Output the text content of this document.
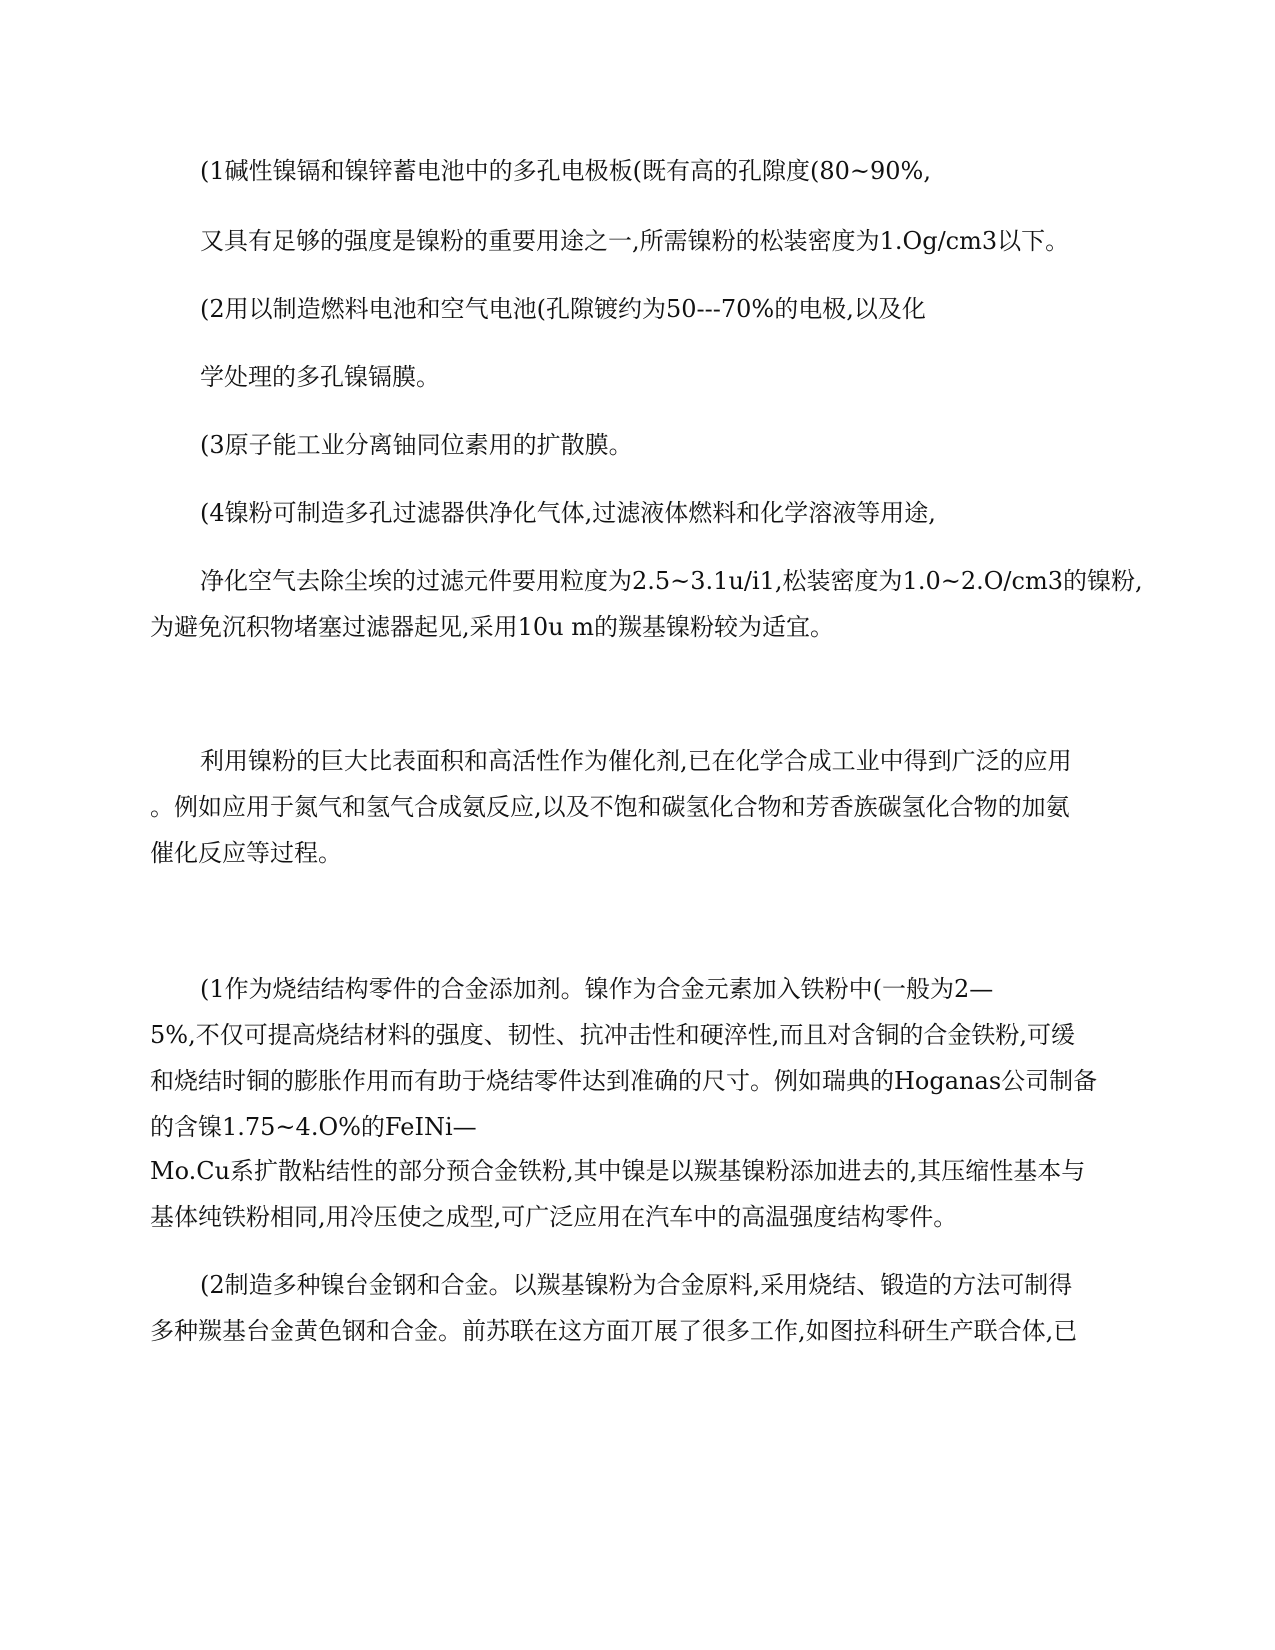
(1碱性镍镉和镍锌蓄电池中的多孔电极板(既有高的孔隙度(80~90%,
又具有足够的强度是镍粉的重要用途之一,所需镍粉的松装密度为1.Og/cm3以下。
(2用以制造燃料电池和空气电池(孔隙镀约为50---70%的电极,以及化
学处理的多孔镍镉膜。
(3原子能工业分离铀同位素用的扩散膜。
(4镍粉可制造多孔过滤器供净化气体,过滤液体燃料和化学溶液等用途,
净化空气去除尘埃的过滤元件要用粒度为2.5~3.1u/i1,松装密度为1.0~2.O/cm3的镍粉,
为避免沉积物堵塞过滤器起见,采用10u m的羰基镍粉较为适宜。
利用镍粉的巨大比表面积和高活性作为催化剂,已在化学合成工业中得到广泛的应用
。例如应用于氮气和氢气合成氨反应,以及不饱和碳氢化合物和芳香族碳氢化合物的加氨
催化反应等过程。
(1作为烧结结构零件的合金添加剂。镍作为合金元素加入铁粉中(一般为2—
5%,不仅可提高烧结材料的强度、韧性、抗冲击性和硬淬性,而且对含铜的合金铁粉,可缓
和烧结时铜的膨胀作用而有助于烧结零件达到准确的尺寸。例如瑞典的Hoganas公司制备
的含镍1.75~4.O%的FeINi—
Mo.Cu系扩散粘结性的部分预合金铁粉,其中镍是以羰基镍粉添加进去的,其压缩性基本与
基体纯铁粉相同,用冷压使之成型,可广泛应用在汽车中的高温强度结构零件。
(2制造多种镍台金钢和合金。以羰基镍粉为合金原料,采用烧结、锻造的方法可制得
多种羰基台金黄色钢和合金。前苏联在这方面丌展了很多工作,如图拉科研生产联合体,已
